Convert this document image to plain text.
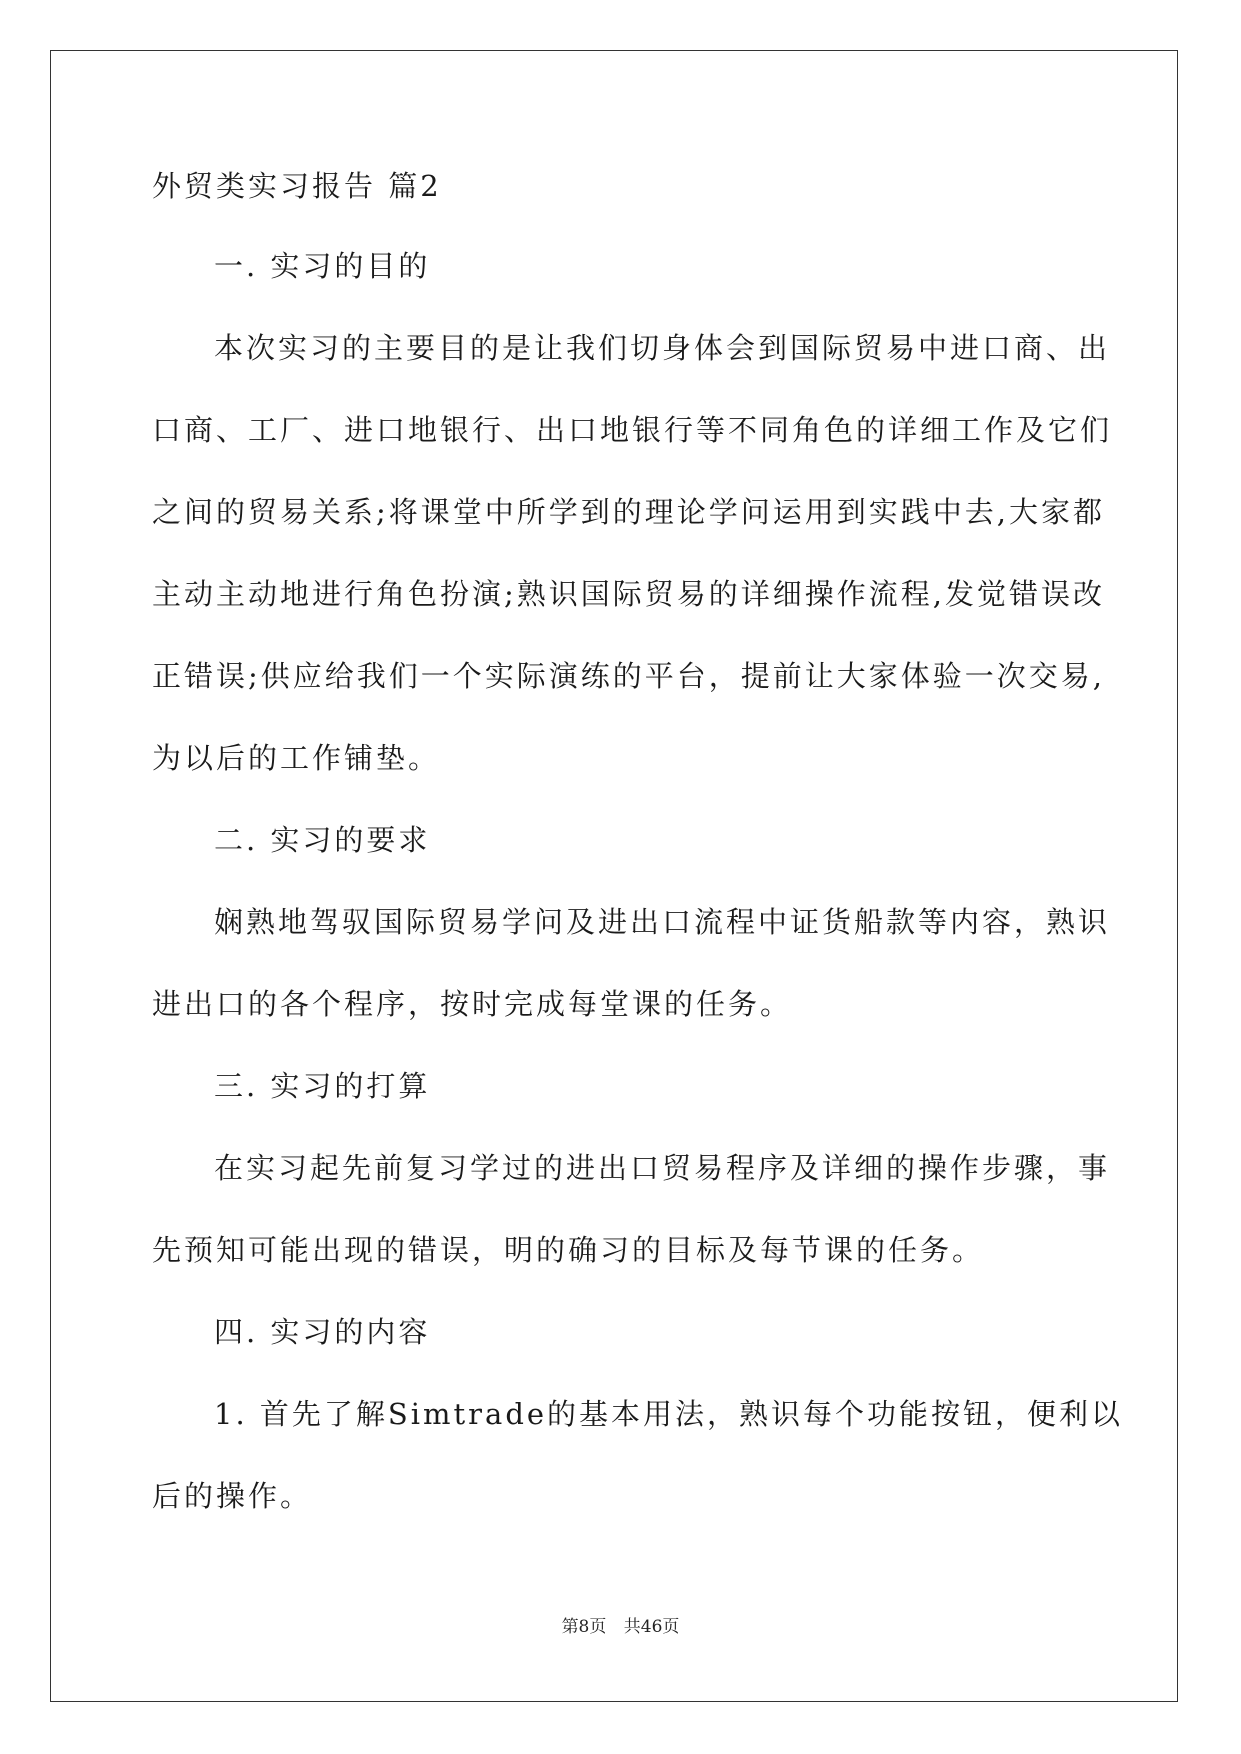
外贸类实习报告 篇2
一. 实习的目的
本次实习的主要目的是让我们切身体会到国际贸易中进口商、出
口商、工厂、进口地银行、出口地银行等不同角色的详细工作及它们
之间的贸易关系;将课堂中所学到的理论学问运用到实践中去,大家都
主动主动地进行角色扮演;熟识国际贸易的详细操作流程,发觉错误改
正错误;供应给我们一个实际演练的平台，提前让大家体验一次交易,
为以后的工作铺垫。
二. 实习的要求
娴熟地驾驭国际贸易学问及进出口流程中证货船款等内容，熟识
进出口的各个程序，按时完成每堂课的任务。
三. 实习的打算
在实习起先前复习学过的进出口贸易程序及详细的操作步骤，事
先预知可能出现的错误，明的确习的目标及每节课的任务。
四. 实习的内容
1. 首先了解Simtrade的基本用法，熟识每个功能按钮，便利以
后的操作。
第8页 共46页
